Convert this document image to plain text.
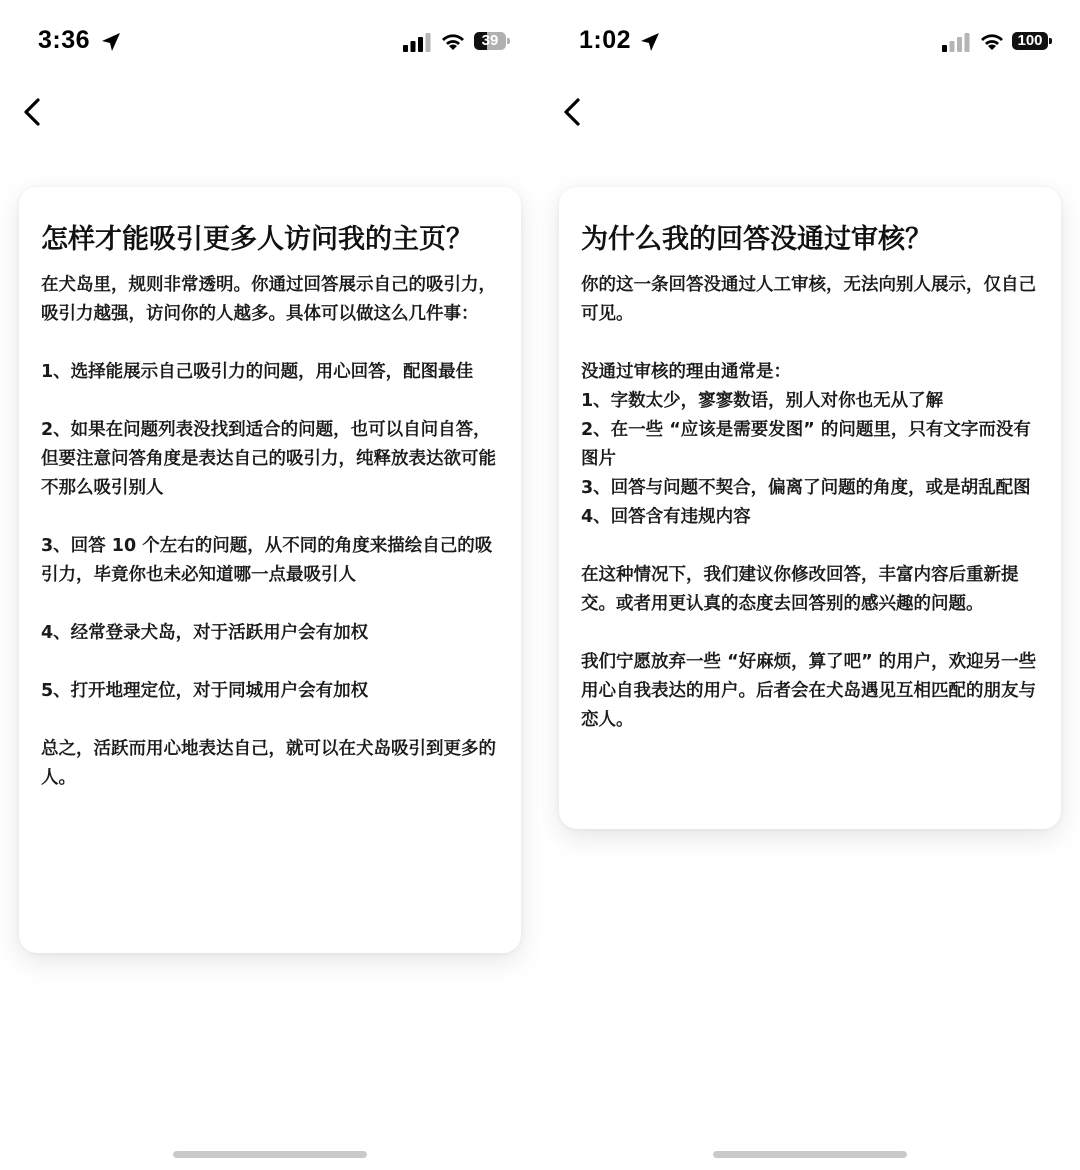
3:36	39
怎样才能吸引更多人访问我的主页？

在犬岛里，规则非常透明。你通过回答展示自己的吸引力，吸引力越强，访问你的人越多。具体可以做这么几件事：

1、选择能展示自己吸引力的问题，用心回答，配图最佳

2、如果在问题列表没找到适合的问题，也可以自问自答，但要注意问答角度是表达自己的吸引力，纯释放表达欲可能不那么吸引别人

3、回答 10 个左右的问题，从不同的角度来描绘自己的吸引力，毕竟你也未必知道哪一点最吸引人

4、经常登录犬岛，对于活跃用户会有加权

5、打开地理定位，对于同城用户会有加权

总之，活跃而用心地表达自己，就可以在犬岛吸引到更多的人。

1:02	100
为什么我的回答没通过审核？

你的这一条回答没通过人工审核，无法向别人展示，仅自己可见。

没通过审核的理由通常是：

1、字数太少，寥寥数语，别人对你也无从了解

2、在一些 “应该是需要发图” 的问题里，只有文字而没有图片

3、回答与问题不契合，偏离了问题的角度，或是胡乱配图

4、回答含有违规内容

在这种情况下，我们建议你修改回答，丰富内容后重新提交。或者用更认真的态度去回答别的感兴趣的问题。

我们宁愿放弃一些 “好麻烦，算了吧” 的用户，欢迎另一些用心自我表达的用户。后者会在犬岛遇见互相匹配的朋友与恋人。
